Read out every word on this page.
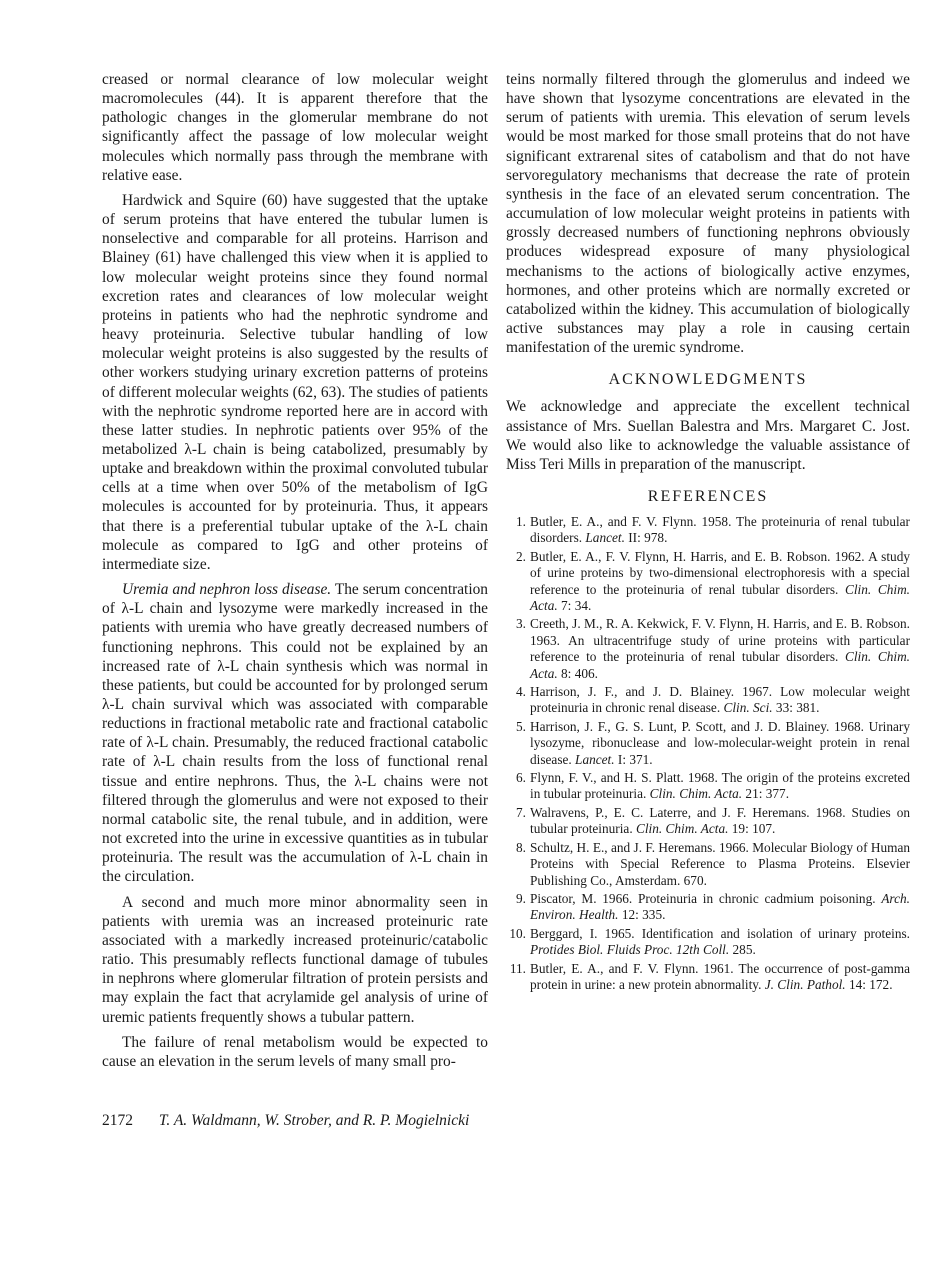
creased or normal clearance of low molecular weight macromolecules (44). It is apparent therefore that the pathologic changes in the glomerular membrane do not significantly affect the passage of low molecular weight molecules which normally pass through the membrane with relative ease.

Hardwick and Squire (60) have suggested that the uptake of serum proteins that have entered the tubular lumen is nonselective and comparable for all proteins. Harrison and Blainey (61) have challenged this view when it is applied to low molecular weight proteins since they found normal excretion rates and clearances of low molecular weight proteins in patients who had the nephrotic syndrome and heavy proteinuria. Selective tubular handling of low molecular weight proteins is also suggested by the results of other workers studying urinary excretion patterns of proteins of different molecular weights (62, 63). The studies of patients with the nephrotic syndrome reported here are in accord with these latter studies. In nephrotic patients over 95% of the metabolized λ-L chain is being catabolized, presumably by uptake and breakdown within the proximal convoluted tubular cells at a time when over 50% of the metabolism of IgG molecules is accounted for by proteinuria. Thus, it appears that there is a preferential tubular uptake of the λ-L chain molecule as compared to IgG and other proteins of intermediate size.

Uremia and nephron loss disease. The serum concentration of λ-L chain and lysozyme were markedly increased in the patients with uremia who have greatly decreased numbers of functioning nephrons. This could not be explained by an increased rate of λ-L chain synthesis which was normal in these patients, but could be accounted for by prolonged serum λ-L chain survival which was associated with comparable reductions in fractional metabolic rate and fractional catabolic rate of λ-L chain. Presumably, the reduced fractional catabolic rate of λ-L chain results from the loss of functional renal tissue and entire nephrons. Thus, the λ-L chains were not filtered through the glomerulus and were not exposed to their normal catabolic site, the renal tubule, and in addition, were not excreted into the urine in excessive quantities as in tubular proteinuria. The result was the accumulation of λ-L chain in the circulation.

A second and much more minor abnormality seen in patients with uremia was an increased proteinuric rate associated with a markedly increased proteinuric/catabolic ratio. This presumably reflects functional damage of tubules in nephrons where glomerular filtration of protein persists and may explain the fact that acrylamide gel analysis of urine of uremic patients frequently shows a tubular pattern.

The failure of renal metabolism would be expected to cause an elevation in the serum levels of many small pro-

teins normally filtered through the glomerulus and indeed we have shown that lysozyme concentrations are elevated in the serum of patients with uremia. This elevation of serum levels would be most marked for those small proteins that do not have significant extrarenal sites of catabolism and that do not have servoregulatory mechanisms that decrease the rate of protein synthesis in the face of an elevated serum concentration. The accumulation of low molecular weight proteins in patients with grossly decreased numbers of functioning nephrons obviously produces widespread exposure of many physiological mechanisms to the actions of biologically active enzymes, hormones, and other proteins which are normally excreted or catabolized within the kidney. This accumulation of biologically active substances may play a role in causing certain manifestation of the uremic syndrome.

ACKNOWLEDGMENTS

We acknowledge and appreciate the excellent technical assistance of Mrs. Suellan Balestra and Mrs. Margaret C. Jost. We would also like to acknowledge the valuable assistance of Miss Teri Mills in preparation of the manuscript.

REFERENCES
1. Butler, E. A., and F. V. Flynn. 1958. The proteinuria of renal tubular disorders. Lancet. II: 978.
2. Butler, E. A., F. V. Flynn, H. Harris, and E. B. Robson. 1962. A study of urine proteins by two-dimensional electrophoresis with a special reference to the proteinuria of renal tubular disorders. Clin. Chim. Acta. 7: 34.
3. Creeth, J. M., R. A. Kekwick, F. V. Flynn, H. Harris, and E. B. Robson. 1963. An ultracentrifuge study of urine proteins with particular reference to the proteinuria of renal tubular disorders. Clin. Chim. Acta. 8: 406.
4. Harrison, J. F., and J. D. Blainey. 1967. Low molecular weight proteinuria in chronic renal disease. Clin. Sci. 33: 381.
5. Harrison, J. F., G. S. Lunt, P. Scott, and J. D. Blainey. 1968. Urinary lysozyme, ribonuclease and low-molecular-weight protein in renal disease. Lancet. I: 371.
6. Flynn, F. V., and H. S. Platt. 1968. The origin of the proteins excreted in tubular proteinuria. Clin. Chim. Acta. 21: 377.
7. Walravens, P., E. C. Laterre, and J. F. Heremans. 1968. Studies on tubular proteinuria. Clin. Chim. Acta. 19: 107.
8. Schultz, H. E., and J. F. Heremans. 1966. Molecular Biology of Human Proteins with Special Reference to Plasma Proteins. Elsevier Publishing Co., Amsterdam. 670.
9. Piscator, M. 1966. Proteinuria in chronic cadmium poisoning. Arch. Environ. Health. 12: 335.
10. Berggard, I. 1965. Identification and isolation of urinary proteins. Protides Biol. Fluids Proc. 12th Coll. 285.
11. Butler, E. A., and F. V. Flynn. 1961. The occurrence of post-gamma protein in urine: a new protein abnormality. J. Clin. Pathol. 14: 172.
2172 T. A. Waldmann, W. Strober, and R. P. Mogielnicki
